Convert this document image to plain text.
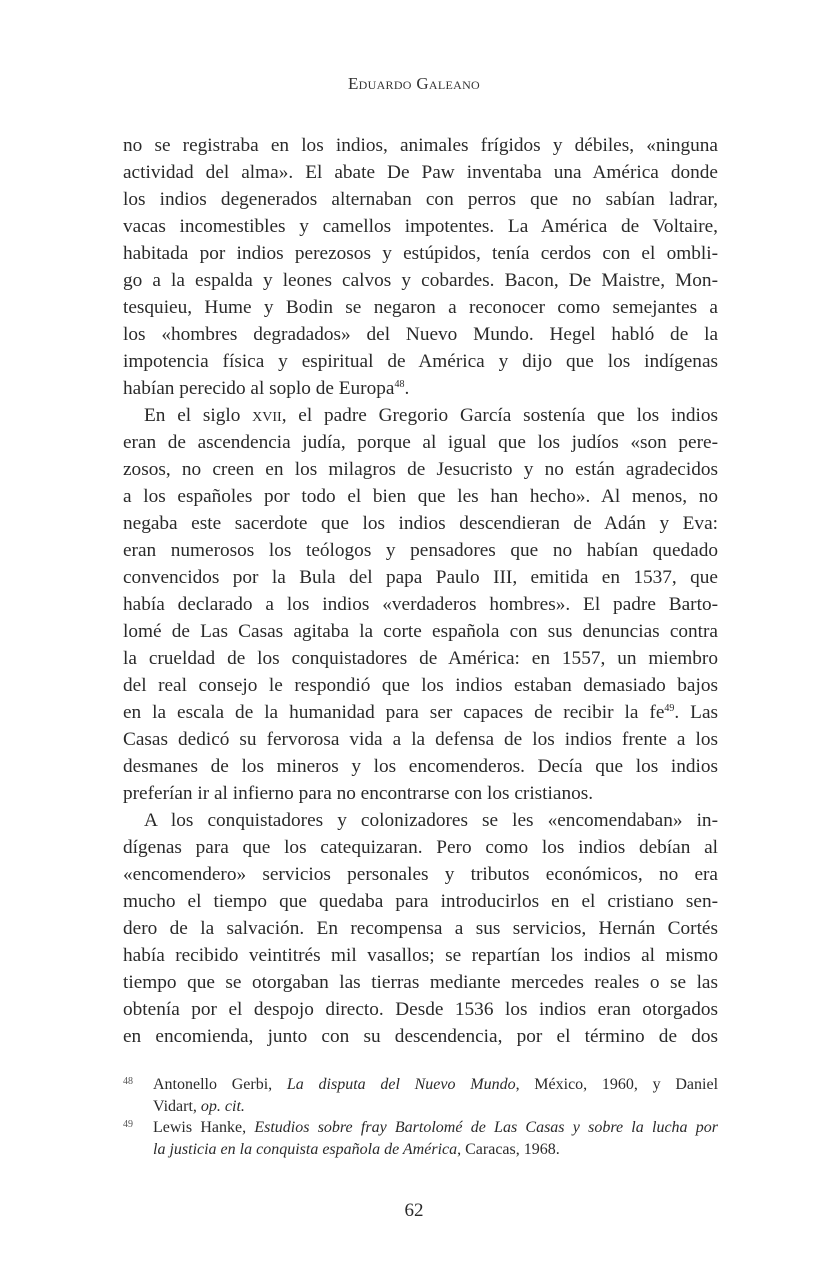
Eduardo Galeano
no se registraba en los indios, animales frígidos y débiles, «ninguna
actividad del alma». El abate De Paw inventaba una América donde
los indios degenerados alternaban con perros que no sabían ladrar,
vacas incomestibles y camellos impotentes. La América de Voltaire,
habitada por indios perezosos y estúpidos, tenía cerdos con el ombli-
go a la espalda y leones calvos y cobardes. Bacon, De Maistre, Mon-
tesquieu, Hume y Bodin se negaron a reconocer como semejantes a
los «hombres degradados» del Nuevo Mundo. Hegel habló de la
impotencia física y espiritual de América y dijo que los indígenas
habían perecido al soplo de Europa$^{48}$.
En el siglo xvii, el padre Gregorio García sostenía que los indios
eran de ascendencia judía, porque al igual que los judíos «son pere-
zosos, no creen en los milagros de Jesucristo y no están agradecidos
a los españoles por todo el bien que les han hecho». Al menos, no
negaba este sacerdote que los indios descendieran de Adán y Eva:
eran numerosos los teólogos y pensadores que no habían quedado
convencidos por la Bula del papa Paulo III, emitida en 1537, que
había declarado a los indios «verdaderos hombres». El padre Barto-
lomé de Las Casas agitaba la corte española con sus denuncias contra
la crueldad de los conquistadores de América: en 1557, un miembro
del real consejo le respondió que los indios estaban demasiado bajos
en la escala de la humanidad para ser capaces de recibir la $fe^{49}$. Las
Casas dedicó su fervorosa vida a la defensa de los indios frente a los
desmanes de los mineros y los encomenderos. Decía que los indios
preferían ir al infierno para no encontrarse con los cristianos.
A los conquistadores y colonizadores se les «encomendaban» in-
dígenas para que los catequizaran. Pero como los indios debían al
«encomendero» servicios personales y tributos económicos, no era
mucho el tiempo que quedaba para introducirlos en el cristiano sen-
dero de la salvación. En recompensa a sus servicios, Hernán Cortés
había recibido veintitrés mil vasallos; se repartían los indios al mismo
tiempo que se otorgaban las tierras mediante mercedes reales o se las
obtenía por el despojo directo. Desde 1536 los indios eran otorgados
en encomienda, junto con su descendencia, por el término de dos
48 Antonello Gerbi, La disputa del Nuevo Mundo, México, 1960, y Daniel
Vidart, op. cit.
49 Lewis Hanke, Estudios sobre fray Bartolomé de Las Casas y sobre la lucha por
la justicia en la conquista española de América, Caracas, 1968.
62
